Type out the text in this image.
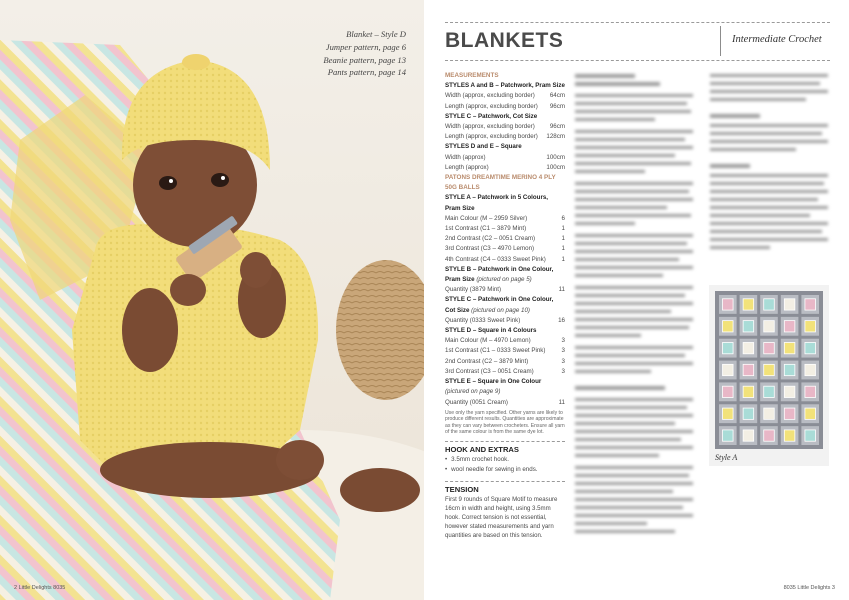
Blanket – Style D
Jumper pattern, page 6
Beanie pattern, page 13
Pants pattern, page 14
2 Little Delights 8035
BLANKETS	Intermediate Crochet
MEASUREMENTS
STYLES A and B – Patchwork, Pram Size
Width (approx, excluding border) 64cm
Length (approx, excluding border) 96cm
STYLE C – Patchwork, Cot Size
Width (approx, excluding border) 96cm
Length (approx, excluding border) 128cm
STYLES D and E – Square
Width (approx)	100cm
Length (approx)	100cm
PATONS DREAMTIME MERINO 4 PLY 50G BALLS
STYLE A – Patchwork in 5 Colours, Pram Size
Main Colour (M – 2959 Silver)	6
1st Contrast (C1 – 3879 Mint)	1
2nd Contrast (C2 – 0051 Cream)	1
3rd Contrast (C3 – 4970 Lemon)	1
4th Contrast (C4 – 0333 Sweet Pink)	1
STYLE B – Patchwork in One Colour, Pram Size (pictured on page 5)
Quantity (3879 Mint)	11
STYLE C – Patchwork in One Colour, Cot Size (pictured on page 10)
Quantity (0333 Sweet Pink)	16
STYLE D – Square in 4 Colours
Main Colour (M – 4970 Lemon)	3
1st Contrast (C1 – 0333 Sweet Pink)	3
2nd Contrast (C2 – 3879 Mint)	3
3rd Contrast (C3 – 0051 Cream)	3
STYLE E – Square in One Colour (pictured on page 9)
Quantity (0051 Cream)	11
Use only the yarn specified. Other yarns are likely to produce different results. Quantities are approximate as they can vary between crocheters. Ensure all yarn of the same colour is from the same dye lot.
HOOK AND EXTRAS
• 3.5mm crochet hook.
• wool needle for sewing in ends.
TENSION
First 9 rounds of Square Motif to measure 16cm in width and height, using 3.5mm hook. Correct tension is not essential, however stated measurements and yarn quantities are based on this tension.
Style A
8035 Little Delights 3
